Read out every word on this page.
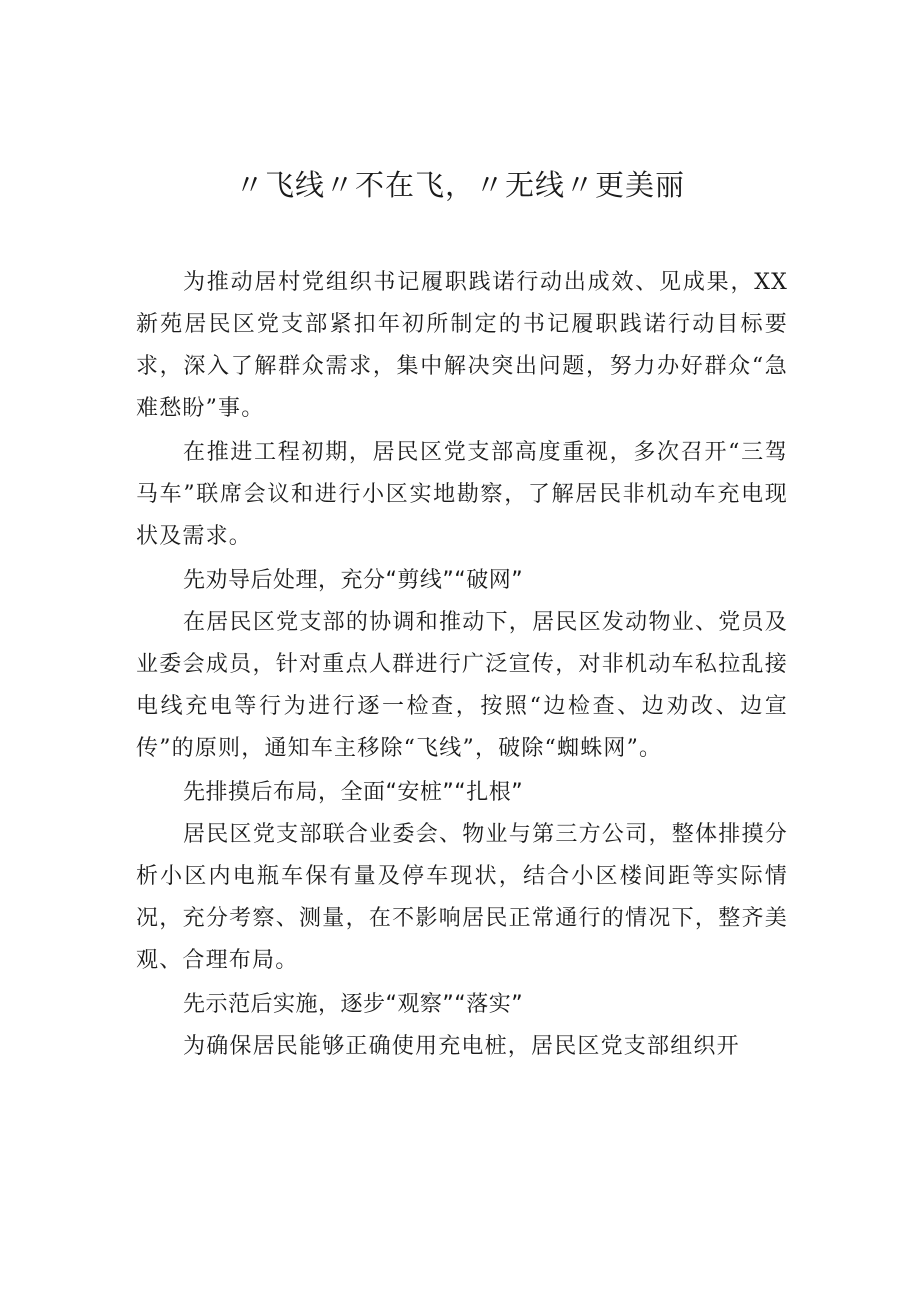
〃飞线〃不在飞，〃无线〃更美丽

为推动居村党组织书记履职践诺行动出成效、见成果，XX新苑居民区党支部紧扣年初所制定的书记履职践诺行动目标要求，深入了解群众需求，集中解决突出问题，努力办好群众“急难愁盼”事。

在推进工程初期，居民区党支部高度重视，多次召开“三驾马车”联席会议和进行小区实地勘察，了解居民非机动车充电现状及需求。

先劝导后处理，充分“剪线”“破网”

在居民区党支部的协调和推动下，居民区发动物业、党员及业委会成员，针对重点人群进行广泛宣传，对非机动车私拉乱接电线充电等行为进行逐一检查，按照“边检查、边劝改、边宣传”的原则，通知车主移除“飞线”，破除“蜘蛛网”。

先排摸后布局，全面“安桩”“扎根”

居民区党支部联合业委会、物业与第三方公司，整体排摸分析小区内电瓶车保有量及停车现状，结合小区楼间距等实际情况，充分考察、测量，在不影响居民正常通行的情况下，整齐美观、合理布局。

先示范后实施，逐步“观察”“落实”

为确保居民能够正确使用充电桩，居民区党支部组织开
